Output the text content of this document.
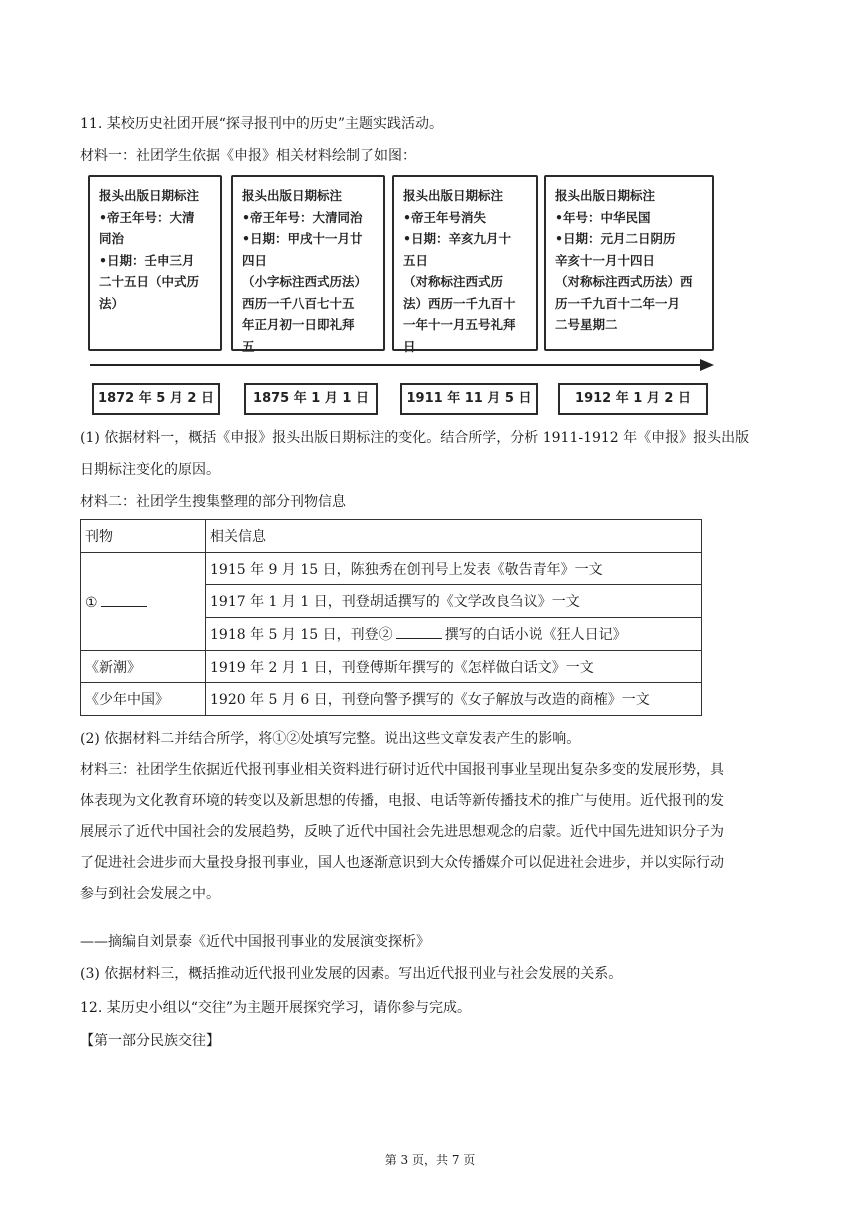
11. 某校历史社团开展“探寻报刊中的历史”主题实践活动。
材料一：社团学生依据《申报》相关材料绘制了如图：
报头出版日期标注
•帝王年号：大清
同治
•日期：壬申三月
二十五日（中式历
法）
报头出版日期标注
•帝王年号：大清同治
•日期：甲戌十一月廿
四日
（小字标注西式历法）
西历一千八百七十五
年正月初一日即礼拜
五
报头出版日期标注
•帝王年号消失
•日期：辛亥九月十
五日
（对称标注西式历
法）西历一千九百十
一年十一月五号礼拜
日
报头出版日期标注
•年号：中华民国
•日期：元月二日阴历
辛亥十一月十四日
（对称标注西式历法）西
历一千九百十二年一月
二号星期二
1872 年 5 月 2 日	1875 年 1 月 1 日	1911 年 11 月 5 日	1912 年 1 月 2 日
(1) 依据材料一，概括《申报》报头出版日期标注的变化。结合所学，分析 1911-1912 年《申报》报头出版
日期标注变化的原因。
材料二：社团学生搜集整理的部分刊物信息
刊物	相关信息
①	1915 年 9 月 15 日，陈独秀在创刊号上发表《敬告青年》一文
	1917 年 1 月 1 日，刊登胡适撰写的《文学改良刍议》一文
	1918 年 5 月 15 日，刊登② 撰写的白话小说《狂人日记》
《新潮》	1919 年 2 月 1 日，刊登傅斯年撰写的《怎样做白话文》一文
《少年中国》	1920 年 5 月 6 日，刊登向警予撰写的《女子解放与改造的商榷》一文
(2) 依据材料二并结合所学，将①②处填写完整。说出这些文章发表产生的影响。
材料三：社团学生依据近代报刊事业相关资料进行研讨近代中国报刊事业呈现出复杂多变的发展形势，具
体表现为文化教育环境的转变以及新思想的传播，电报、电话等新传播技术的推广与使用。近代报刊的发
展展示了近代中国社会的发展趋势，反映了近代中国社会先进思想观念的启蒙。近代中国先进知识分子为
了促进社会进步而大量投身报刊事业，国人也逐渐意识到大众传播媒介可以促进社会进步，并以实际行动
参与到社会发展之中。
——摘编自刘景泰《近代中国报刊事业的发展演变探析》
(3) 依据材料三，概括推动近代报刊业发展的因素。写出近代报刊业与社会发展的关系。
12. 某历史小组以“交往”为主题开展探究学习，请你参与完成。
【第一部分民族交往】
第 3 页，共 7 页
